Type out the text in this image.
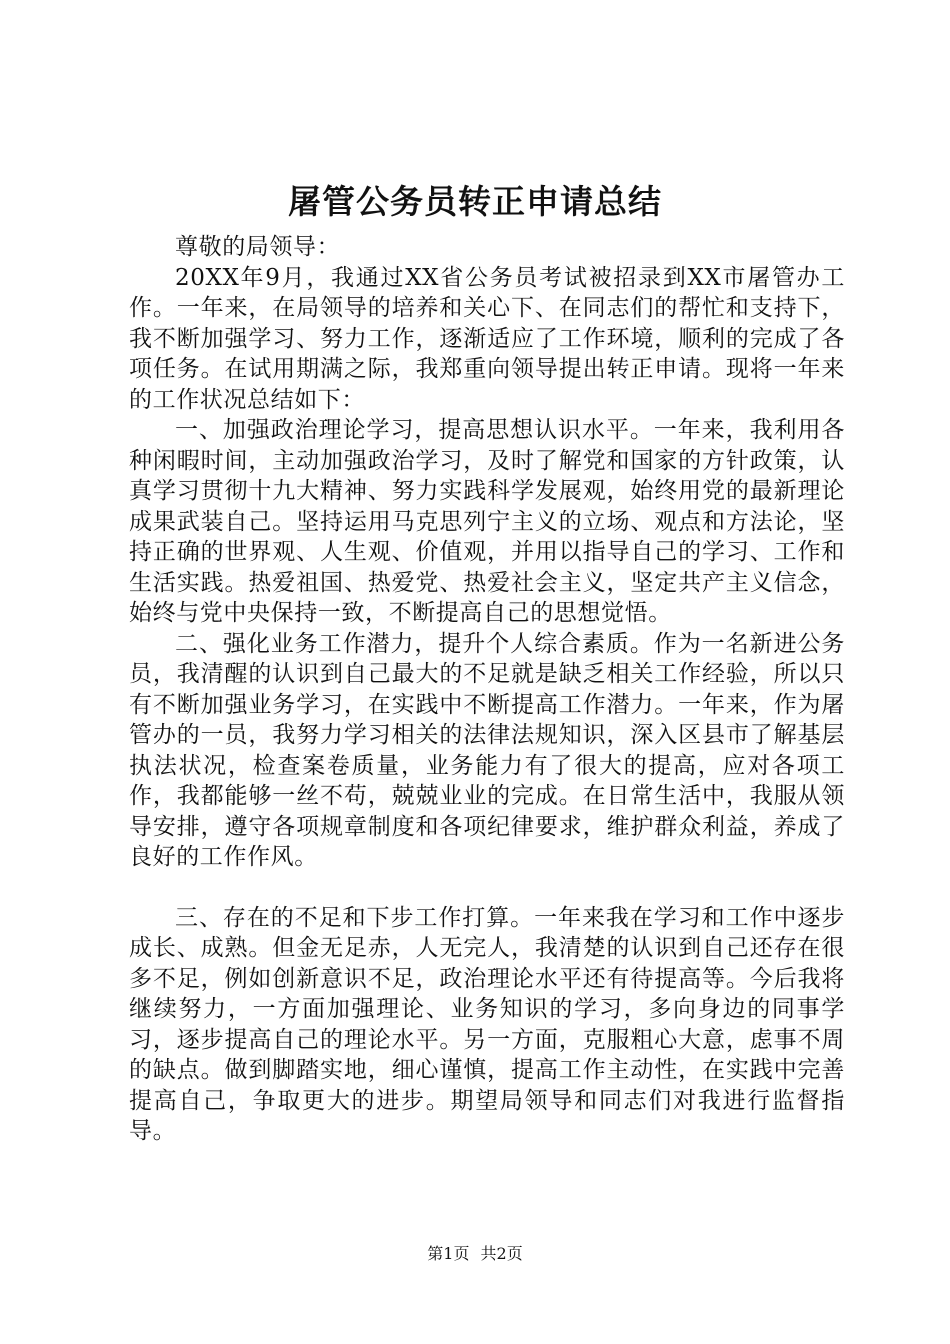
屠管公务员转正申请总结

尊敬的局领导：

20XX年9月，我通过XX省公务员考试被招录到XX市屠管办工作。一年来，在局领导的培养和关心下、在同志们的帮忙和支持下，我不断加强学习、努力工作，逐渐适应了工作环境，顺利的完成了各项任务。在试用期满之际，我郑重向领导提出转正申请。现将一年来的工作状况总结如下：

一、加强政治理论学习，提高思想认识水平。一年来，我利用各种闲暇时间，主动加强政治学习，及时了解党和国家的方针政策，认真学习贯彻十九大精神、努力实践科学发展观，始终用党的最新理论成果武装自己。坚持运用马克思列宁主义的立场、观点和方法论，坚持正确的世界观、人生观、价值观，并用以指导自己的学习、工作和生活实践。热爱祖国、热爱党、热爱社会主义，坚定共产主义信念，始终与党中央保持一致，不断提高自己的思想觉悟。

二、强化业务工作潜力，提升个人综合素质。作为一名新进公务员，我清醒的认识到自己最大的不足就是缺乏相关工作经验，所以只有不断加强业务学习，在实践中不断提高工作潜力。一年来，作为屠管办的一员，我努力学习相关的法律法规知识，深入区县市了解基层执法状况，检查案卷质量，业务能力有了很大的提高，应对各项工作，我都能够一丝不苟，兢兢业业的完成。在日常生活中，我服从领导安排，遵守各项规章制度和各项纪律要求，维护群众利益，养成了良好的工作作风。

三、存在的不足和下步工作打算。一年来我在学习和工作中逐步成长、成熟。但金无足赤，人无完人，我清楚的认识到自己还存在很多不足，例如创新意识不足，政治理论水平还有待提高等。今后我将继续努力，一方面加强理论、业务知识的学习，多向身边的同事学习，逐步提高自己的理论水平。另一方面，克服粗心大意，虑事不周的缺点。做到脚踏实地，细心谨慎，提高工作主动性，在实践中完善提高自己，争取更大的进步。期望局领导和同志们对我进行监督指导。

第1页 共2页
